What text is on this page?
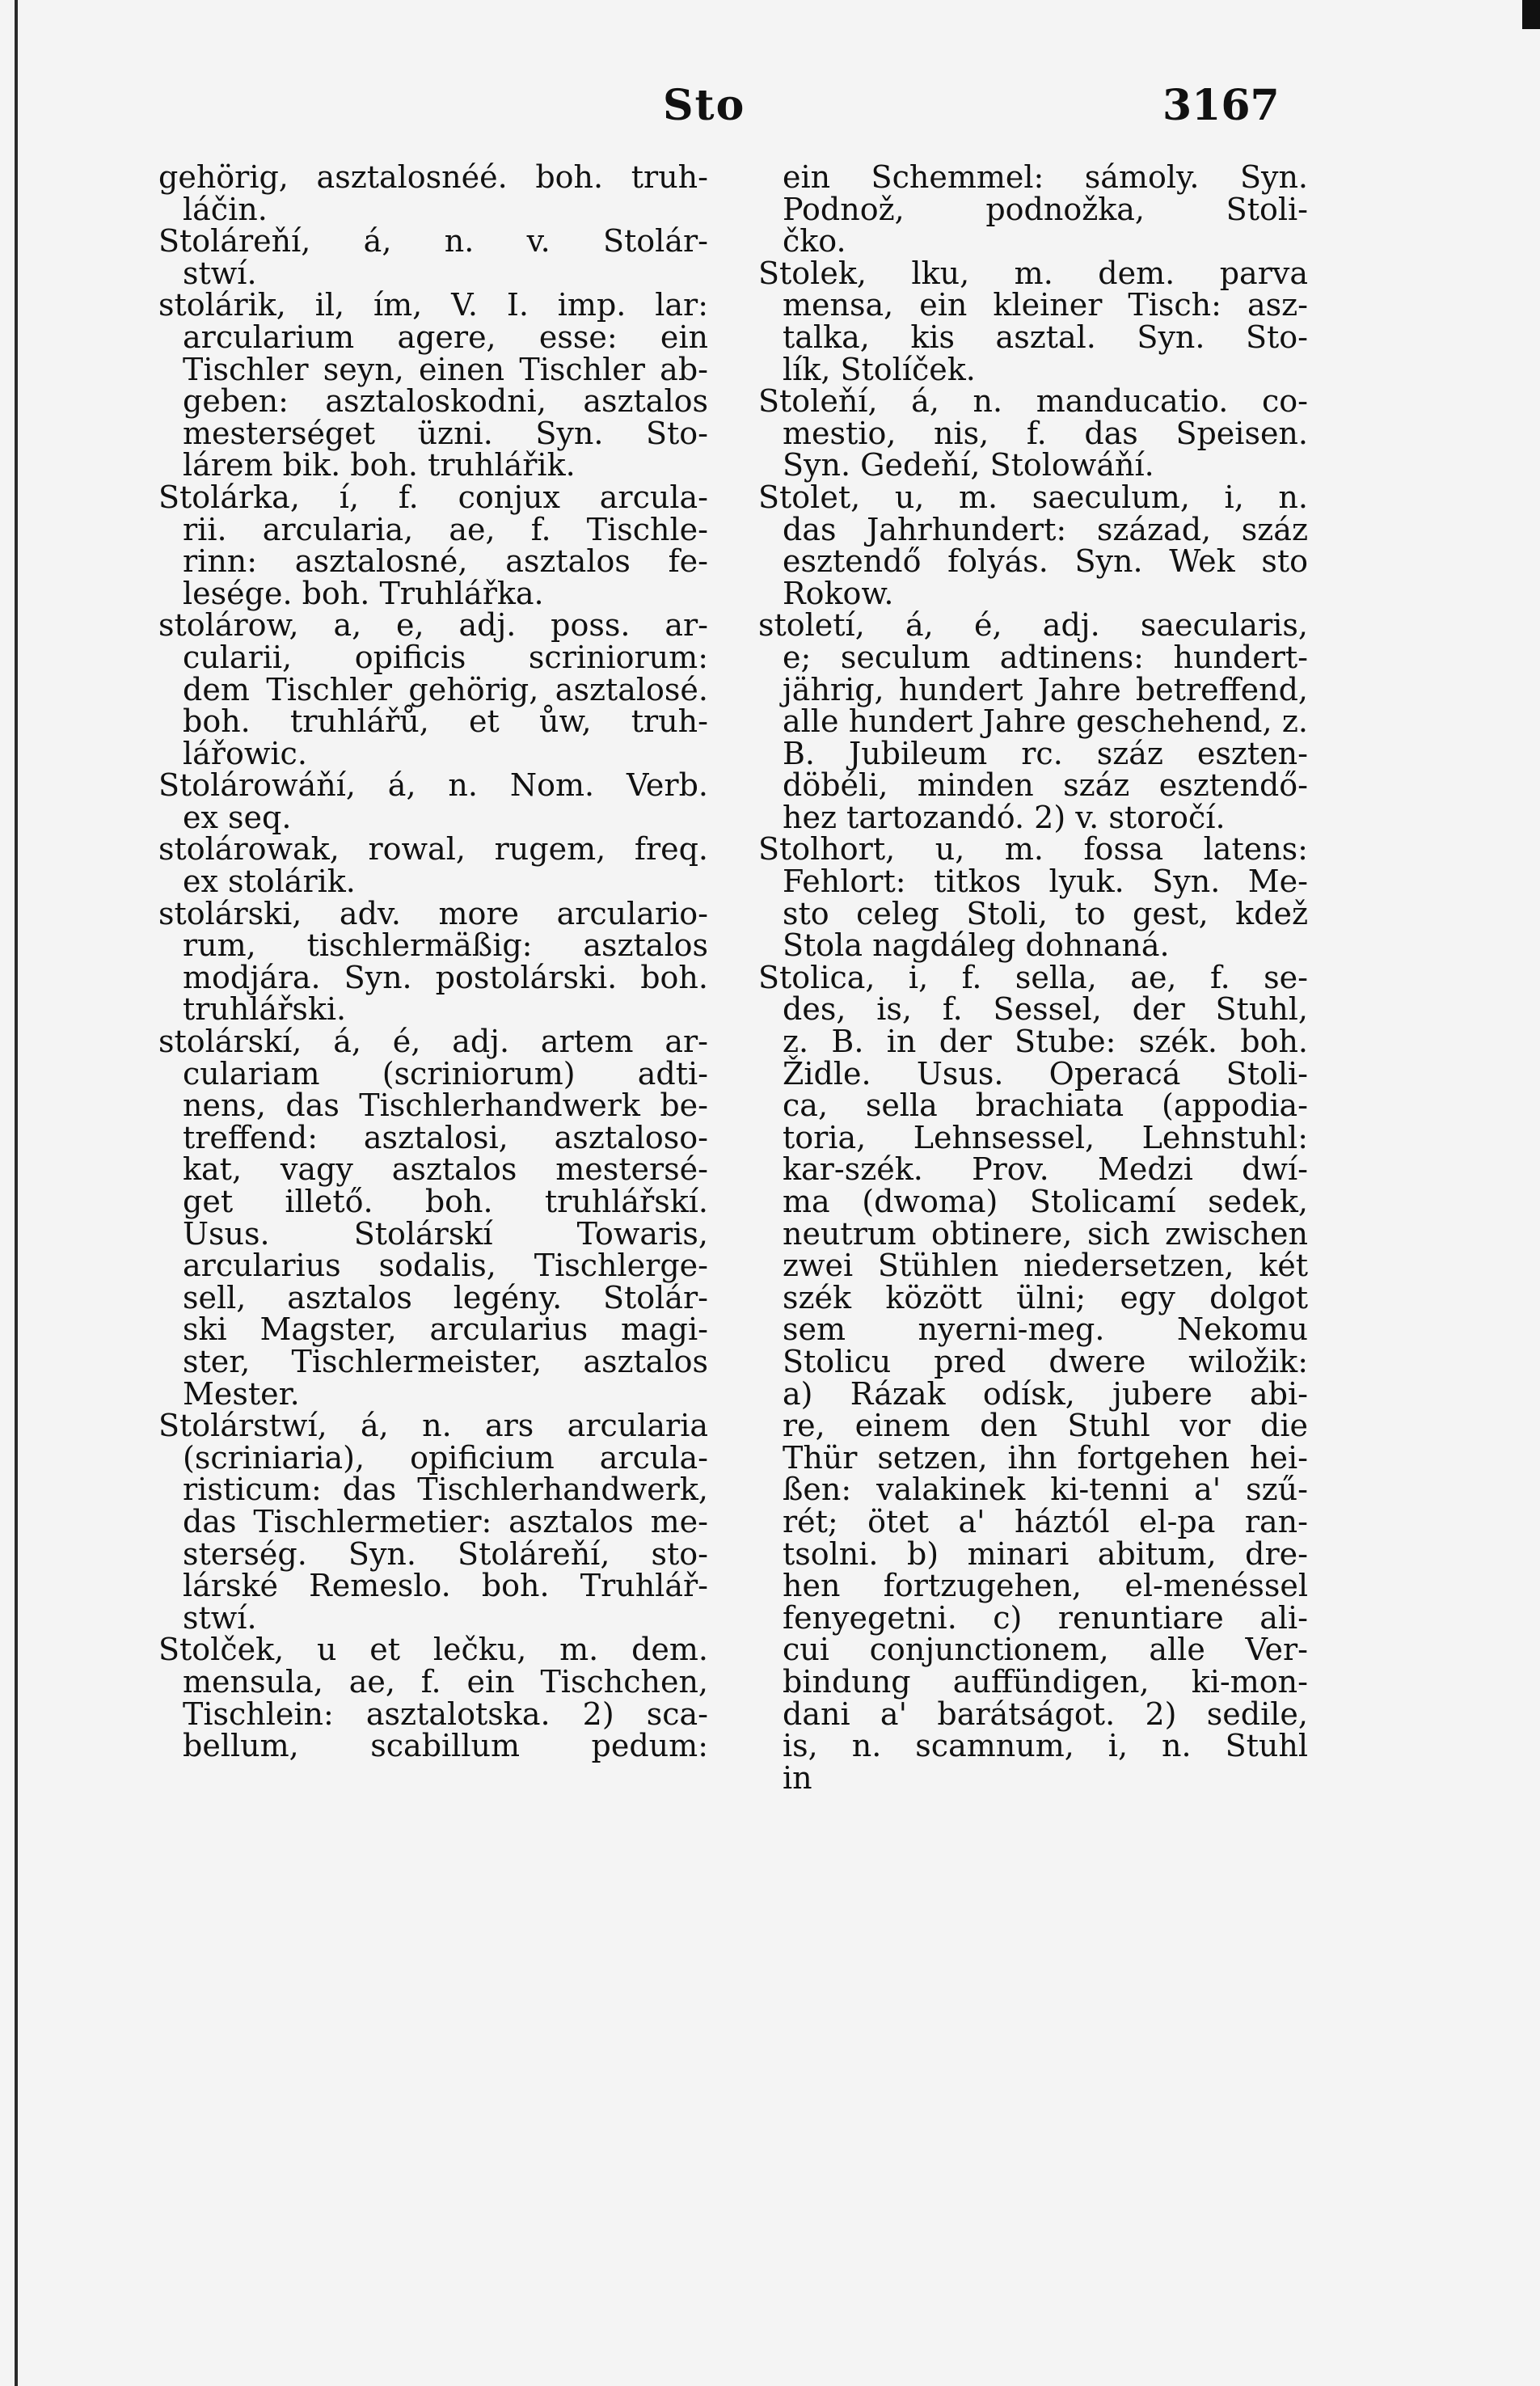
Sto	3167
gehörig, asztalosnéé. boh. truh-
láčin.
Stoláreňí, á, n. v. Stolár-
stwí.
stolárik, il, ím, V. I. imp. lar:
arcularium agere, esse: ein
Tischler seyn, einen Tischler ab-
geben: asztaloskodni, asztalos
mesterséget üzni. Syn. Sto-
lárem bik. boh. truhlářik.
Stolárka, í, f. conjux arcula-
rii. arcularia, ae, f. Tischle-
rinn: asztalosné, asztalos fe-
lesége. boh. Truhlářka.
stolárow, a, e, adj. poss. ar-
cularii, opificis scriniorum:
dem Tischler gehörig, asztalosé.
boh. truhlářů, et ůw, truh-
lářowic.
Stolárowáňí, á, n. Nom. Verb.
ex seq.
stolárowak, rowal, rugem, freq.
ex stolárik.
stolárski, adv. more arculario-
rum, tischlermäßig: asztalos
modjára. Syn. postolárski. boh.
truhlářski.
stolárskí, á, é, adj. artem ar-
culariam (scriniorum) adti-
nens, das Tischlerhandwerk be-
treffend: asztalosi, asztaloso-
kat, vagy asztalos mestersé-
get illető. boh. truhlářskí.
Usus. Stolárskí Towaris,
arcularius sodalis, Tischlerge-
sell, asztalos legény. Stolár-
ski Magster, arcularius magi-
ster, Tischlermeister, asztalos
Mester.
Stolárstwí, á, n. ars arcularia
(scriniaria), opificium arcula-
risticum: das Tischlerhandwerk,
das Tischlermetier: asztalos me-
sterség. Syn. Stoláreňí, sto-
lárské Remeslo. boh. Truhlář-
stwí.
Stolček, u et lečku, m. dem.
mensula, ae, f. ein Tischchen,
Tischlein: asztalotska. 2) sca-
bellum, scabillum pedum:
ein Schemmel: sámoly. Syn.
Podnož, podnožka, Stoli-
čko.
Stolek, lku, m. dem. parva
mensa, ein kleiner Tisch: asz-
talka, kis asztal. Syn. Sto-
lík, Stolíček.
Stoleňí, á, n. manducatio. co-
mestio, nis, f. das Speisen.
Syn. Gedeňí, Stolowáňí.
Stolet, u, m. saeculum, i, n.
das Jahrhundert: század, száz
esztendő folyás. Syn. Wek sto
Rokow.
století, á, é, adj. saecularis,
e; seculum adtinens: hundert-
jährig, hundert Jahre betreffend,
alle hundert Jahre geschehend, z.
B. Jubileum rc. száz eszten-
döbéli, minden száz esztendő-
hez tartozandó. 2) v. storočí.
Stolhort, u, m. fossa latens:
Fehlort: titkos lyuk. Syn. Me-
sto celeg Stoli, to gest, kdež
Stola nagdáleg dohnaná.
Stolica, i, f. sella, ae, f. se-
des, is, f. Sessel, der Stuhl,
z. B. in der Stube: szék. boh.
Židle. Usus. Operacá Stoli-
ca, sella brachiata (appodia-
toria, Lehnsessel, Lehnstuhl:
kar-szék. Prov. Medzi dwí-
ma (dwoma) Stolicamí sedek,
neutrum obtinere, sich zwischen
zwei Stühlen niedersetzen, két
szék között ülni; egy dolgot
sem nyerni-meg. Nekomu
Stolicu pred dwere wiložik:
a) Rázak odísk, jubere abi-
re, einem den Stuhl vor die
Thür setzen, ihn fortgehen hei-
ßen: valakinek ki-tenni a' szű-
rét; ötet a' háztól el-pa ran-
tsolni. b) minari abitum, dre-
hen fortzugehen, el-menéssel
fenyegetni. c) renuntiare ali-
cui conjunctionem, alle Ver-
bindung auffündigen, ki-mon-
dani a' barátságot. 2) sedile,
is, n. scamnum, i, n. Stuhl
in
